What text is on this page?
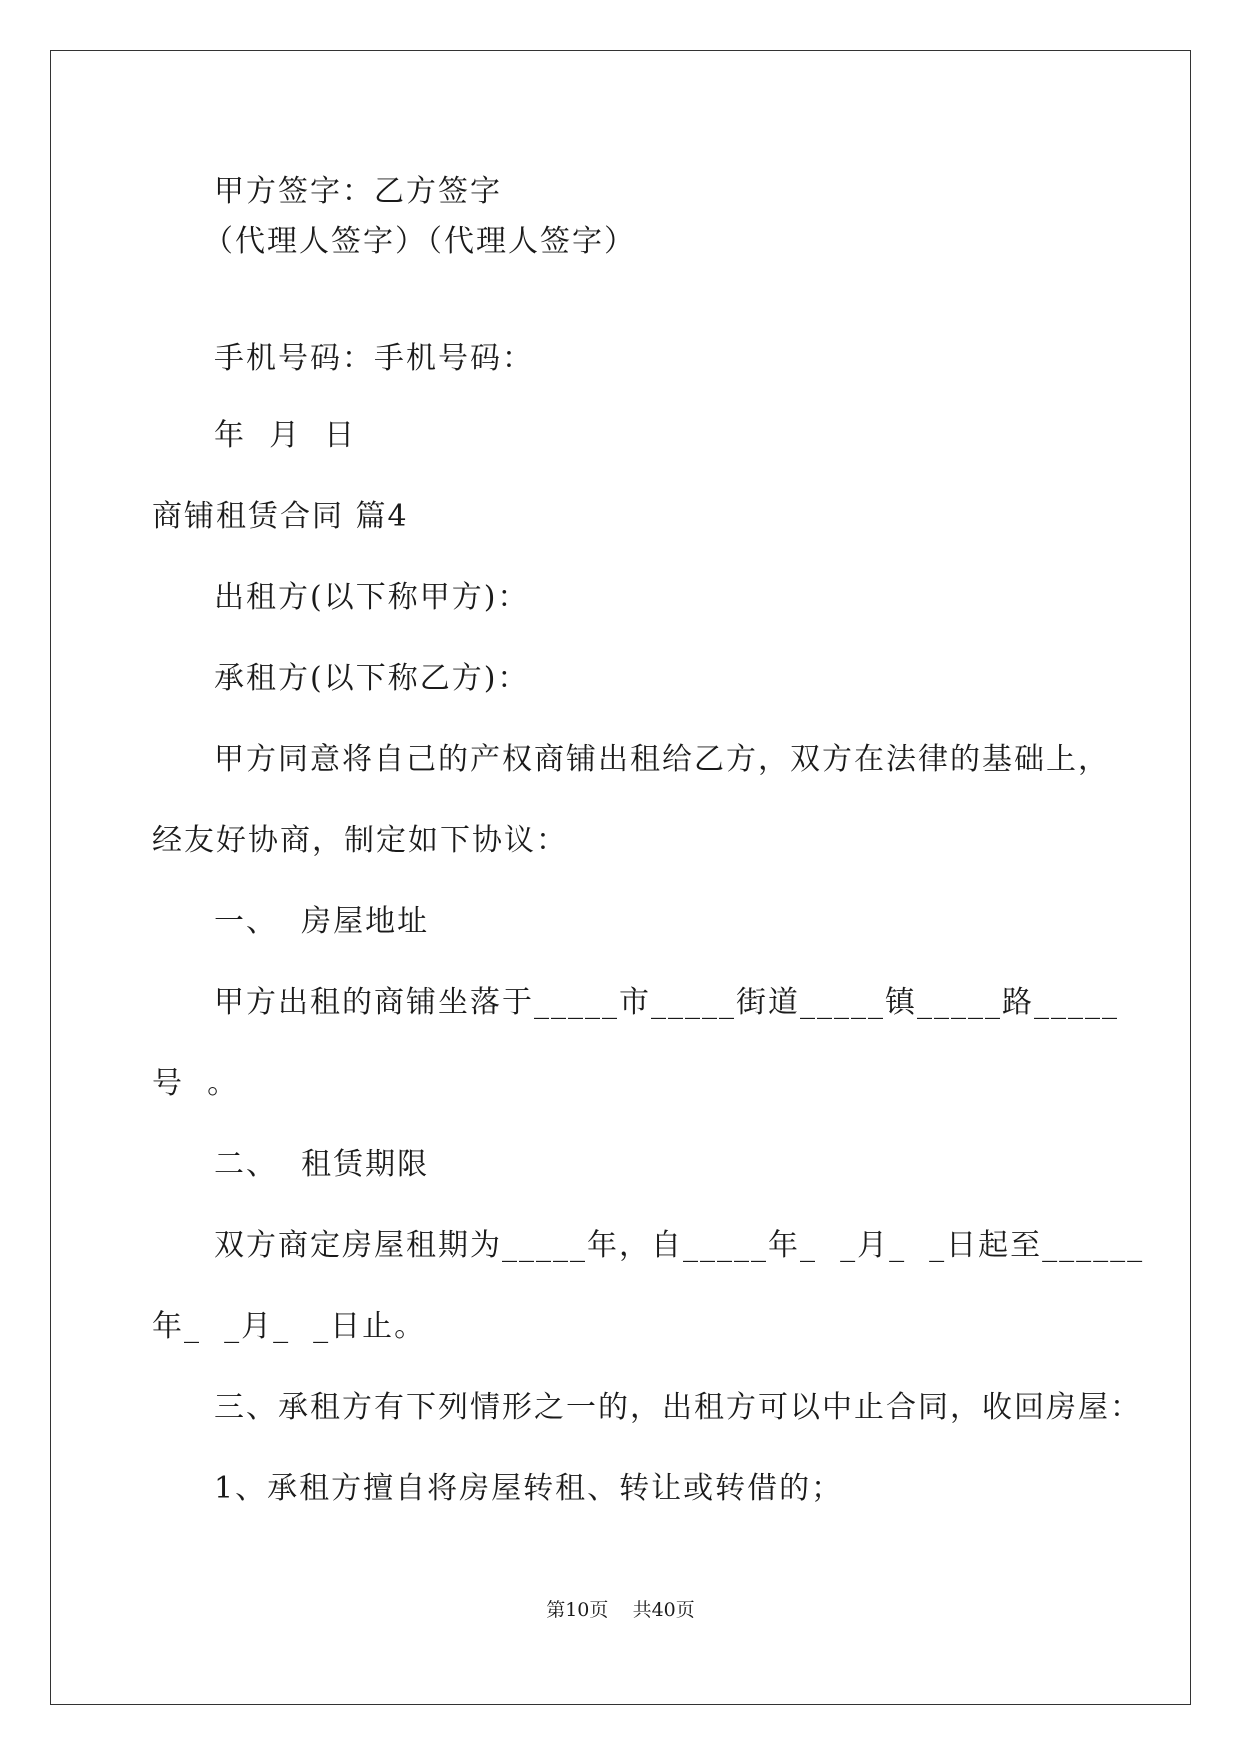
甲方签字：乙方签字
（代理人签字）（代理人签字）
手机号码：手机号码：
年  月  日
商铺租赁合同 篇4
出租方(以下称甲方)：
承租方(以下称乙方)：
甲方同意将自己的产权商铺出租给乙方，双方在法律的基础上，
经友好协商，制定如下协议：
一、  房屋地址
甲方出租的商铺坐落于_____市_____街道_____镇_____路_____
号  。
二、  租赁期限
双方商定房屋租期为_____年，自_____年_  _月_  _日起至______
年_  _月_  _日止。
三、承租方有下列情形之一的，出租方可以中止合同，收回房屋：
1、承租方擅自将房屋转租、转让或转借的；
第10页 共40页
